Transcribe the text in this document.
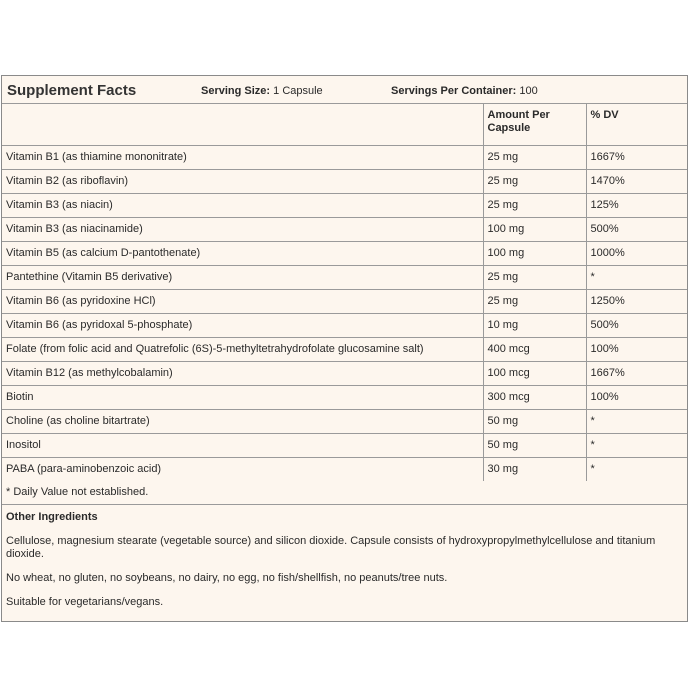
Supplement Facts	Serving Size: 1 Capsule	Servings Per Container: 100
	Amount Per Capsule	% DV
Vitamin B1 (as thiamine mononitrate)	25 mg	1667%
Vitamin B2 (as riboflavin)	25 mg	1470%
Vitamin B3 (as niacin)	25 mg	125%
Vitamin B3 (as niacinamide)	100 mg	500%
Vitamin B5 (as calcium D-pantothenate)	100 mg	1000%
Pantethine (Vitamin B5 derivative)	25 mg	*
Vitamin B6 (as pyridoxine HCl)	25 mg	1250%
Vitamin B6 (as pyridoxal 5-phosphate)	10 mg	500%
Folate (from folic acid and Quatrefolic (6S)-5-methyltetrahydrofolate glucosamine salt)	400 mcg	100%
Vitamin B12 (as methylcobalamin)	100 mcg	1667%
Biotin	300 mcg	100%
Choline (as choline bitartrate)	50 mg	*
Inositol	50 mg	*
PABA (para-aminobenzoic acid)	30 mg	*
* Daily Value not established.		
Other Ingredients

Cellulose, magnesium stearate (vegetable source) and silicon dioxide. Capsule consists of hydroxypropylmethylcellulose and titanium dioxide.

No wheat, no gluten, no soybeans, no dairy, no egg, no fish/shellfish, no peanuts/tree nuts.

Suitable for vegetarians/vegans.
